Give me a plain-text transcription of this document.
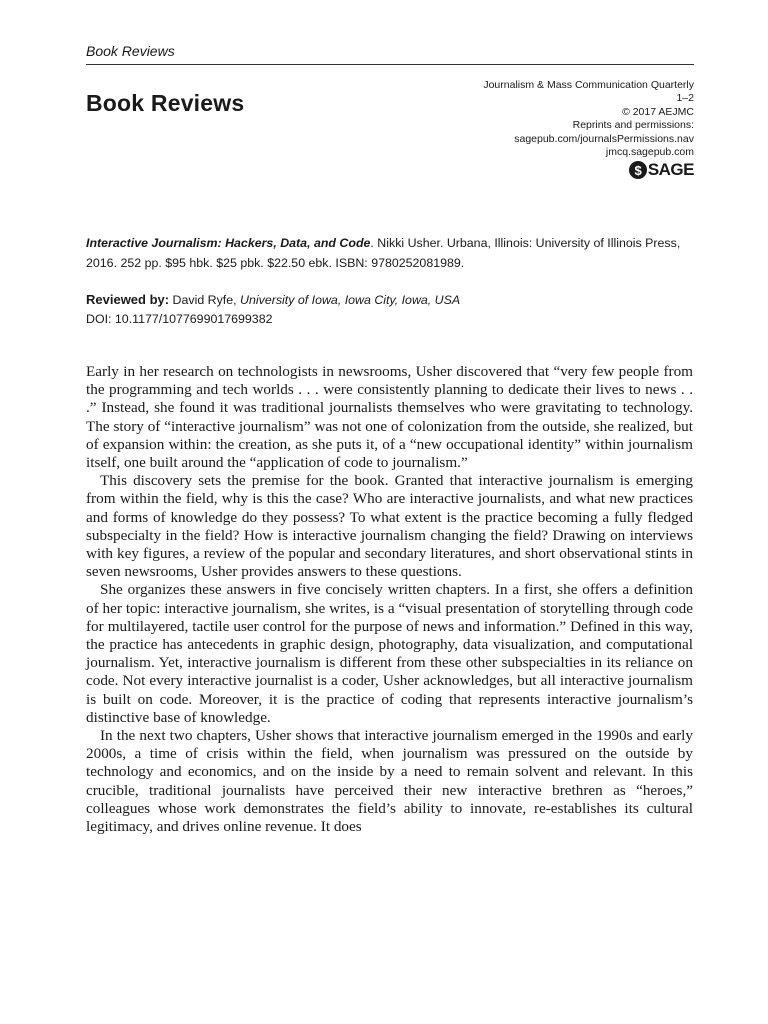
Book Reviews
Book Reviews
Journalism & Mass Communication Quarterly
1–2
© 2017 AEJMC
Reprints and permissions:
sagepub.com/journalsPermissions.nav
jmcq.sagepub.com
$ SAGE

Interactive Journalism: Hackers, Data, and Code. Nikki Usher. Urbana, Illinois: University of Illinois Press, 2016. 252 pp. $95 hbk. $25 pbk. $22.50 ebk. ISBN: 9780252081989.

Reviewed by: David Ryfe, University of Iowa, Iowa City, Iowa, USA
DOI: 10.1177/1077699017699382

Early in her research on technologists in newsrooms, Usher discovered that “very few people from the programming and tech worlds . . . were consistently planning to dedicate their lives to news . . .” Instead, she found it was traditional journalists themselves who were gravitating to technology. The story of “interactive journalism” was not one of colonization from the outside, she realized, but of expansion within: the creation, as she puts it, of a “new occupational identity” within journalism itself, one built around the “application of code to journalism.”

This discovery sets the premise for the book. Granted that interactive journalism is emerging from within the field, why is this the case? Who are interactive journalists, and what new practices and forms of knowledge do they possess? To what extent is the practice becoming a fully fledged subspecialty in the field? How is interactive journalism changing the field? Drawing on interviews with key figures, a review of the popular and secondary literatures, and short observational stints in seven newsrooms, Usher provides answers to these questions.

She organizes these answers in five concisely written chapters. In a first, she offers a definition of her topic: interactive journalism, she writes, is a “visual presentation of storytelling through code for multilayered, tactile user control for the purpose of news and information.” Defined in this way, the practice has antecedents in graphic design, photography, data visualization, and computational journalism. Yet, interactive journalism is different from these other subspecialties in its reliance on code. Not every interactive journalist is a coder, Usher acknowledges, but all interactive journalism is built on code. Moreover, it is the practice of coding that represents interactive journalism’s distinctive base of knowledge.

In the next two chapters, Usher shows that interactive journalism emerged in the 1990s and early 2000s, a time of crisis within the field, when journalism was pressured on the outside by technology and economics, and on the inside by a need to remain solvent and relevant. In this crucible, traditional journalists have perceived their new interactive brethren as “heroes,” colleagues whose work demonstrates the field’s ability to innovate, re-establishes its cultural legitimacy, and drives online revenue. It does
